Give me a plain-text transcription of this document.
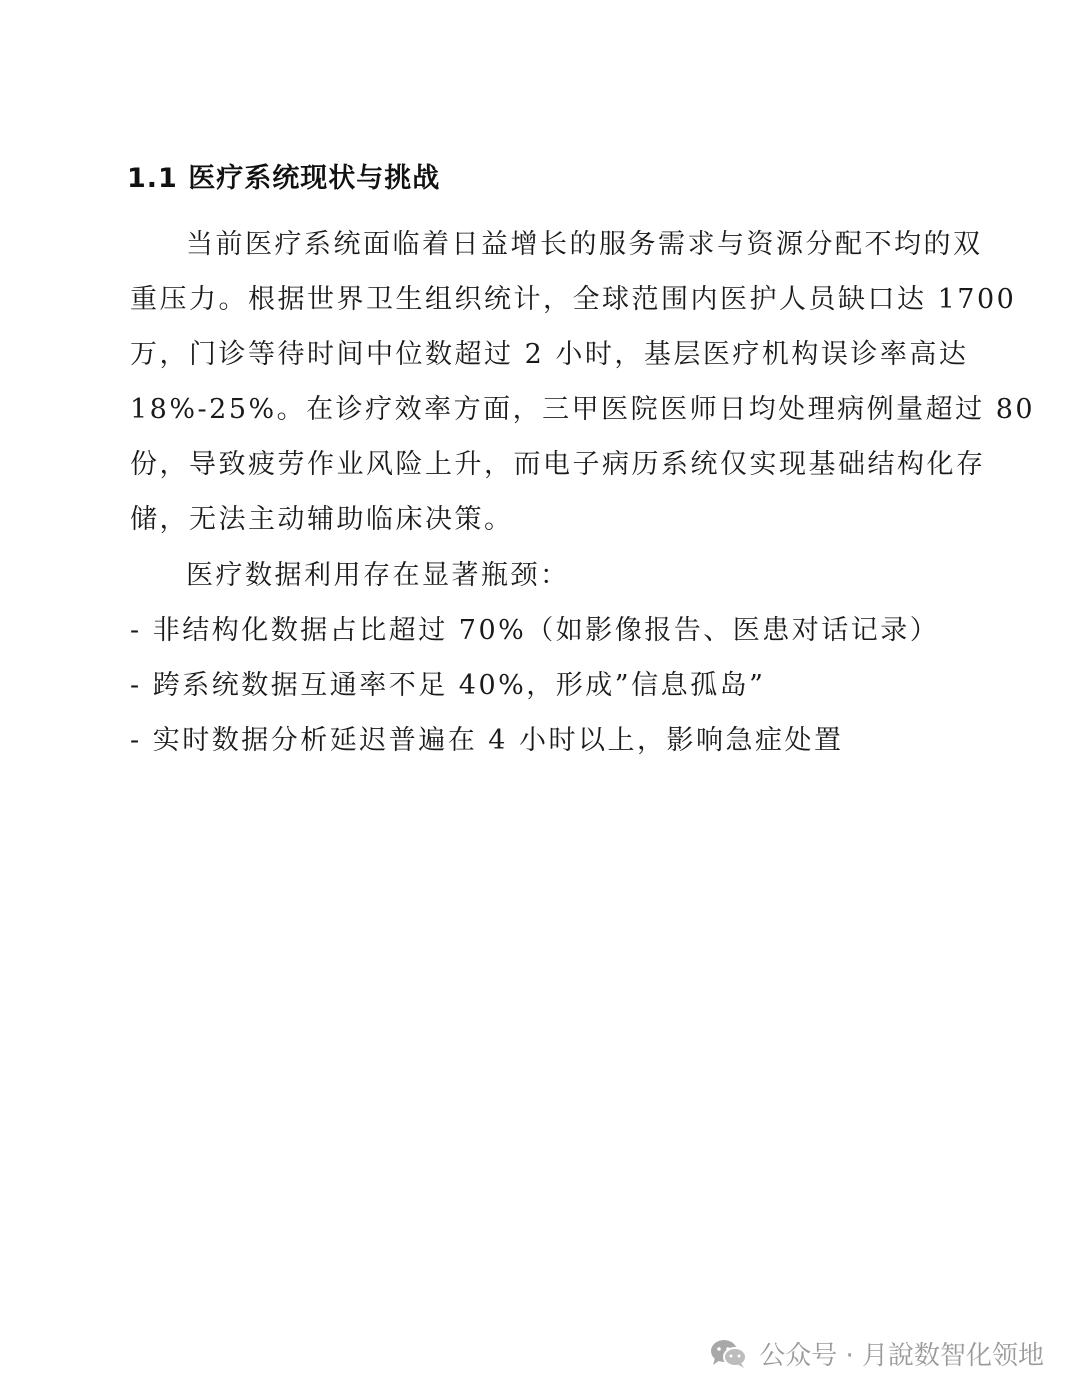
1.1 医疗系统现状与挑战
当前医疗系统面临着日益增长的服务需求与资源分配不均的双
重压力。根据世界卫生组织统计，全球范围内医护人员缺口达 1700
万，门诊等待时间中位数超过 2 小时，基层医疗机构误诊率高达
18%-25%。在诊疗效率方面，三甲医院医师日均处理病例量超过 80
份，导致疲劳作业风险上升，而电子病历系统仅实现基础结构化存
储，无法主动辅助临床决策。
医疗数据利用存在显著瓶颈：
- 非结构化数据占比超过 70%（如影像报告、医患对话记录）
- 跨系统数据互通率不足 40%，形成”信息孤岛”
- 实时数据分析延迟普遍在 4 小时以上，影响急症处置
公众号 · 月說数智化领地
